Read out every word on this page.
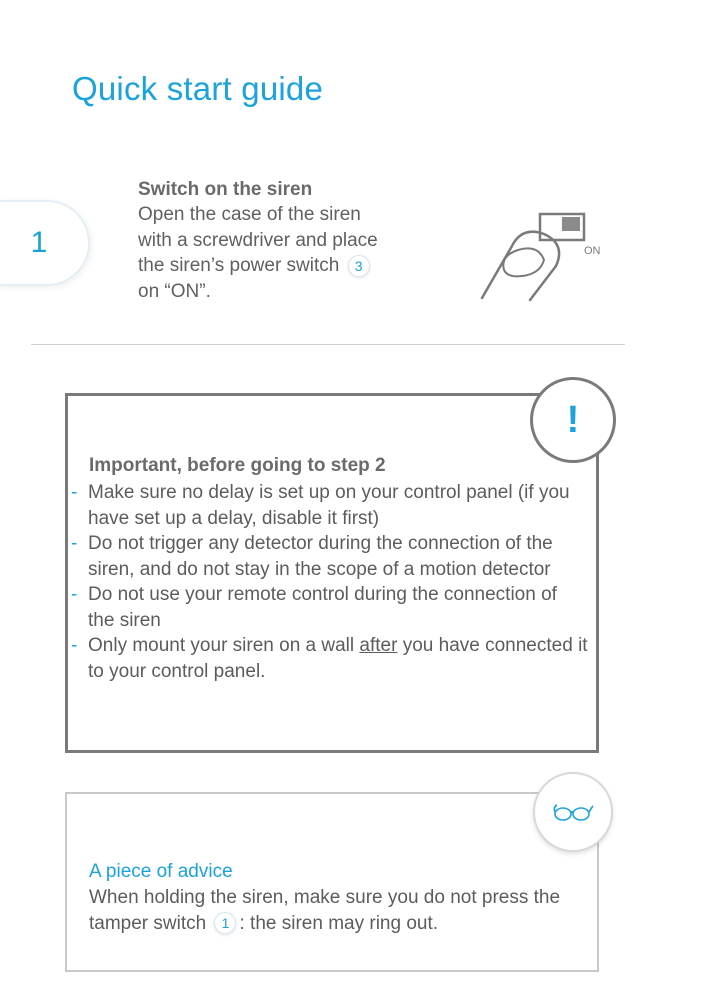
Quick start guide
1
Switch on the siren
Open the case of the siren
with a screwdriver and place
the siren’s power switch 3
on “ON”.
ON
!
Important, before going to step 2
- Make sure no delay is set up on your control panel (if you have set up a delay, disable it first)
- Do not trigger any detector during the connection of the siren, and do not stay in the scope of a motion detector
- Do not use your remote control during the connection of the siren
- Only mount your siren on a wall after you have connected it to your control panel.
A piece of advice
When holding the siren, make sure you do not press the tamper switch 1 : the siren may ring out.
